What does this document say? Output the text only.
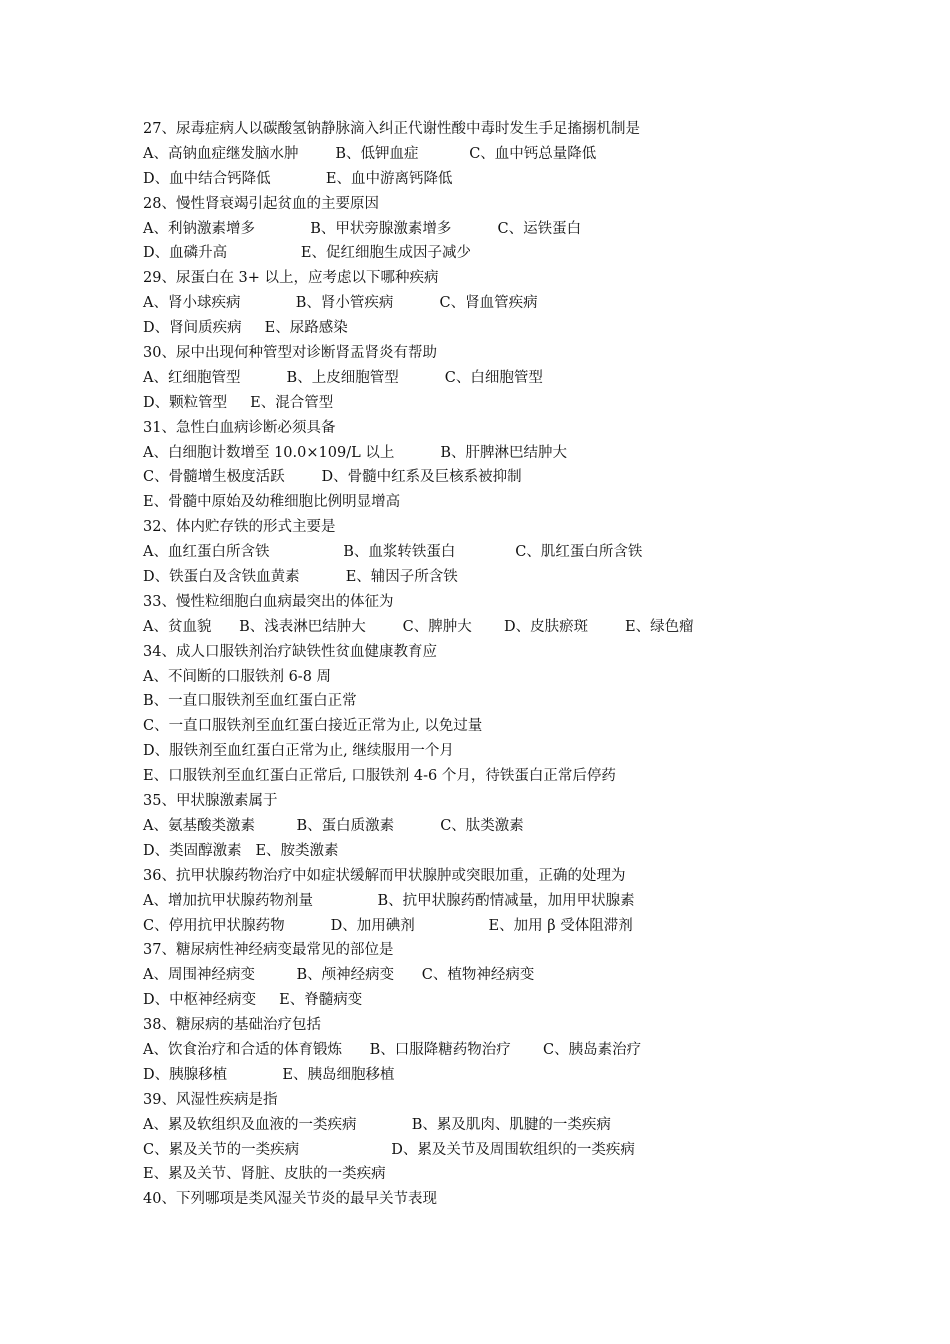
27、尿毒症病人以碳酸氢钠静脉滴入纠正代谢性酸中毒时发生手足搐搦机制是
A、高钠血症继发脑水肿        B、低钾血症           C、血中钙总量降低
D、血中结合钙降低            E、血中游离钙降低
28、慢性肾衰竭引起贫血的主要原因
A、利钠激素增多            B、甲状旁腺激素增多          C、运铁蛋白
D、血磷升高                E、促红细胞生成因子减少
29、尿蛋白在 3+ 以上，应考虑以下哪种疾病
A、肾小球疾病            B、肾小管疾病          C、肾血管疾病
D、肾间质疾病     E、尿路感染
30、尿中出现何种管型对诊断肾盂肾炎有帮助
A、红细胞管型          B、上皮细胞管型          C、白细胞管型
D、颗粒管型     E、混合管型
31、急性白血病诊断必须具备
A、白细胞计数增至 10.0×109/L 以上          B、肝脾淋巴结肿大
C、骨髓增生极度活跃        D、骨髓中红系及巨核系被抑制
E、骨髓中原始及幼稚细胞比例明显增高
32、体内贮存铁的形式主要是
A、血红蛋白所含铁                B、血浆转铁蛋白             C、肌红蛋白所含铁
D、铁蛋白及含铁血黄素          E、辅因子所含铁
33、慢性粒细胞白血病最突出的体征为
A、贫血貌      B、浅表淋巴结肿大        C、脾肿大       D、皮肤瘀斑        E、绿色瘤
34、成人口服铁剂治疗缺铁性贫血健康教育应
A、不间断的口服铁剂 6-8 周
B、一直口服铁剂至血红蛋白正常
C、一直口服铁剂至血红蛋白接近正常为止, 以免过量
D、服铁剂至血红蛋白正常为止, 继续服用一个月
E、口服铁剂至血红蛋白正常后, 口服铁剂 4-6 个月，待铁蛋白正常后停药
35、甲状腺激素属于
A、氨基酸类激素         B、蛋白质激素          C、肽类激素
D、类固醇激素   E、胺类激素
36、抗甲状腺药物治疗中如症状缓解而甲状腺肿或突眼加重，正确的处理为
A、增加抗甲状腺药物剂量              B、抗甲状腺药酌情减量，加用甲状腺素
C、停用抗甲状腺药物          D、加用碘剂                E、加用 β 受体阻滞剂
37、糖尿病性神经病变最常见的部位是
A、周围神经病变         B、颅神经病变      C、植物神经病变
D、中枢神经病变     E、脊髓病变
38、糖尿病的基础治疗包括
A、饮食治疗和合适的体育锻炼      B、口服降糖药物治疗       C、胰岛素治疗
D、胰腺移植            E、胰岛细胞移植
39、风湿性疾病是指
A、累及软组织及血液的一类疾病            B、累及肌肉、肌腱的一类疾病
C、累及关节的一类疾病                    D、累及关节及周围软组织的一类疾病
E、累及关节、肾脏、皮肤的一类疾病
40、下列哪项是类风湿关节炎的最早关节表现
